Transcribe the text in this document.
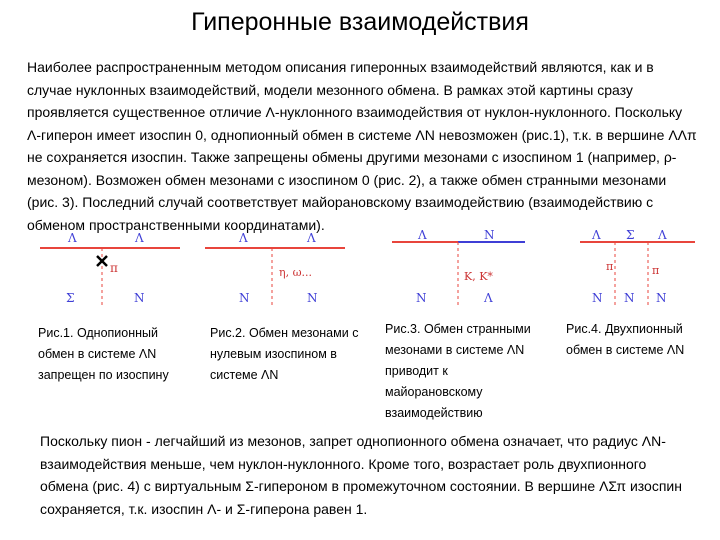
Гиперонные взаимодействия

Наиболее распространенным методом описания гиперонных взаимодействий являются, как и в случае нуклонных взаимодействий, модели мезонного обмена. В рамках этой картины сразу проявляется существенное отличие Λ-нуклонного взаимодействия от нуклон-нуклонного. Поскольку Λ-гиперон имеет изоспин 0, однопионный обмен в системе ΛN невозможен (рис.1), т.к. в вершине ΛΛπ не сохраняется изоспин. Также запрещены обмены другими мезонами с изоспином 1 (например, ρ-мезоном). Возможен обмен мезонами с изоспином 0 (рис. 2), а также обмен странными мезонами (рис. 3). Последний случай соответствует майорановскому взаимодействию (взаимодействию с обменом пространственными координатами).

Λ	Λ
π
Σ	N
Λ	Λ
η, ω...
N	N
Λ	N
K, K*
N	Λ
Λ Σ Λ
π	π
N N N

Рис.1. Однопионный обмен в системе ΛN запрещен по изоспину

Рис.2. Обмен мезонами с нулевым изоспином в системе ΛN

Рис.3. Обмен странными мезонами в системе ΛN приводит к майорановскому взаимодействию

Рис.4. Двухпионный обмен в системе ΛN

Поскольку пион - легчайший из мезонов, запрет однопионного обмена означает, что радиус ΛN-взаимодействия меньше, чем нуклон-нуклонного. Кроме того, возрастает роль двухпионного обмена (рис. 4) с виртуальным Σ-гипероном в промежуточном состоянии. В вершине ΛΣπ изоспин сохраняется, т.к. изоспин Λ- и Σ-гиперона равен 1.
